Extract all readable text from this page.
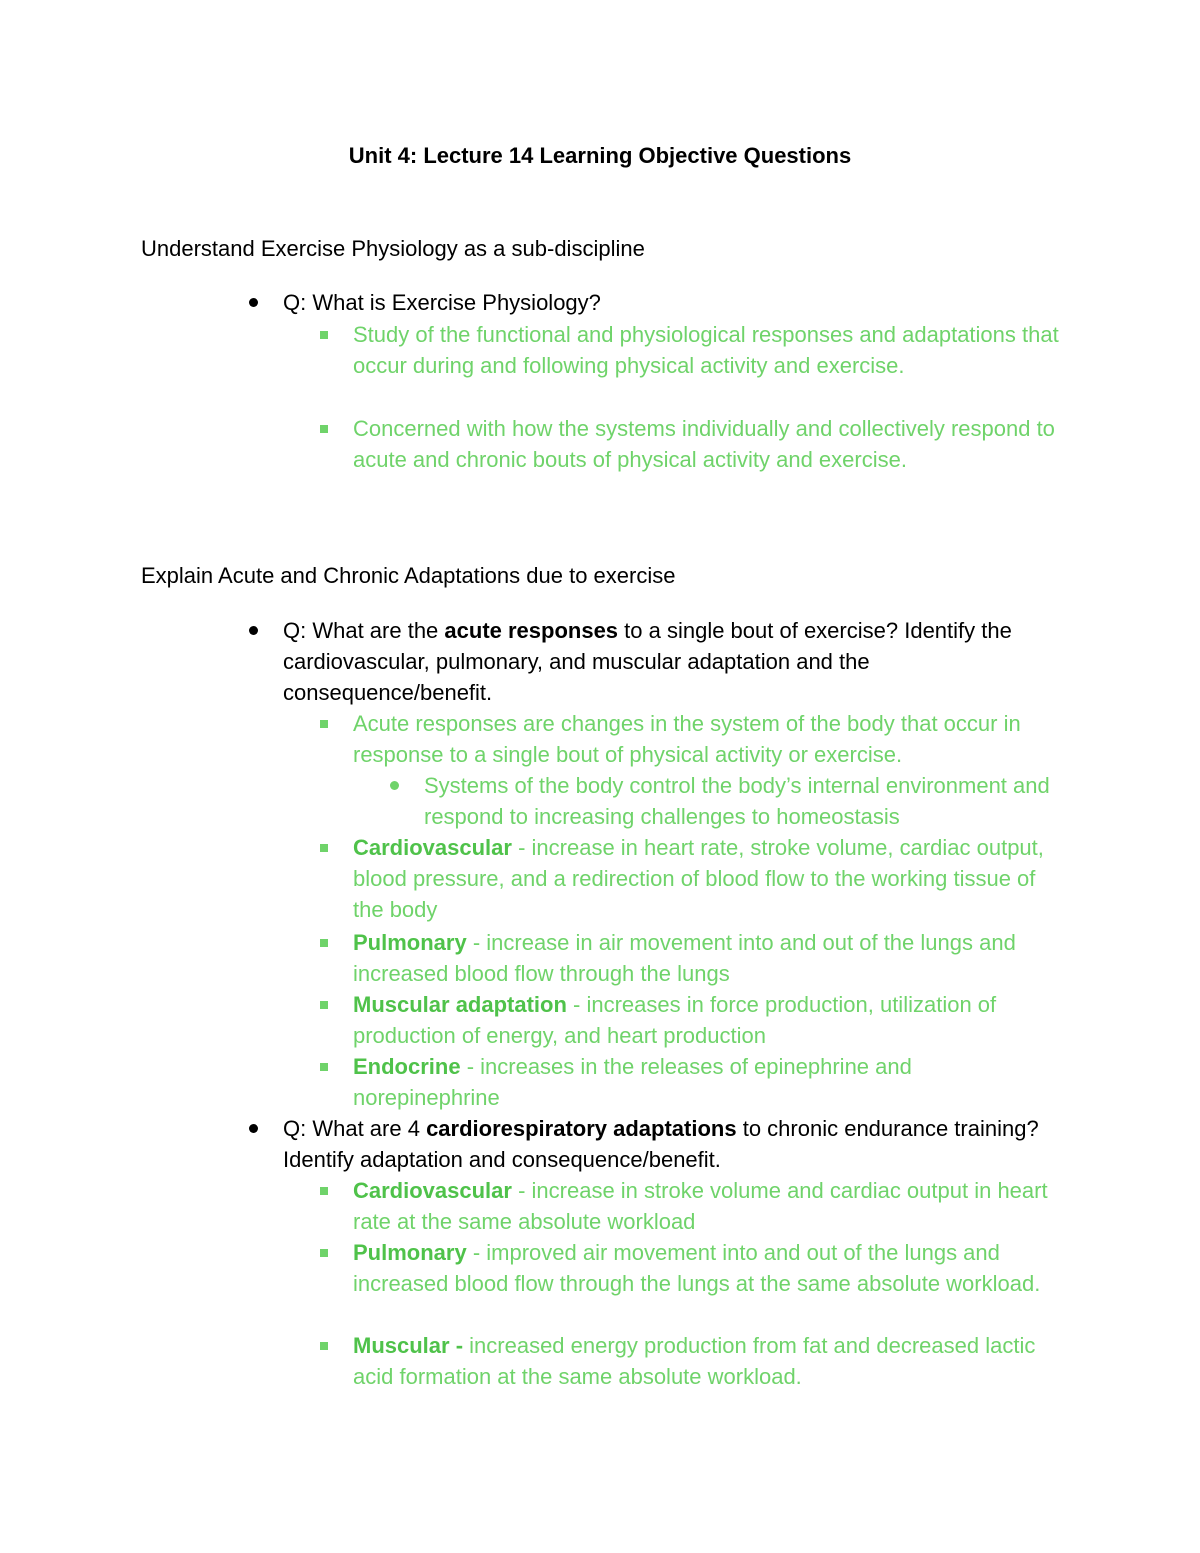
Unit 4: Lecture 14 Learning Objective Questions
Understand Exercise Physiology as a sub-discipline
Q: What is Exercise Physiology?
Study of the functional and physiological responses and adaptations that occur during and following physical activity and exercise.
Concerned with how the systems individually and collectively respond to acute and chronic bouts of physical activity and exercise.
Explain Acute and Chronic Adaptations due to exercise
Q: What are the acute responses to a single bout of exercise? Identify the cardiovascular, pulmonary, and muscular adaptation and the consequence/benefit.
Acute responses are changes in the system of the body that occur in response to a single bout of physical activity or exercise.
Systems of the body control the body’s internal environment and respond to increasing challenges to homeostasis
Cardiovascular - increase in heart rate, stroke volume, cardiac output, blood pressure, and a redirection of blood flow to the working tissue of the body
Pulmonary - increase in air movement into and out of the lungs and increased blood flow through the lungs
Muscular adaptation - increases in force production, utilization of production of energy, and heart production
Endocrine - increases in the releases of epinephrine and norepinephrine
Q: What are 4 cardiorespiratory adaptations to chronic endurance training? Identify adaptation and consequence/benefit.
Cardiovascular - increase in stroke volume and cardiac output in heart rate at the same absolute workload
Pulmonary - improved air movement into and out of the lungs and increased blood flow through the lungs at the same absolute workload.
Muscular - increased energy production from fat and decreased lactic acid formation at the same absolute workload.
